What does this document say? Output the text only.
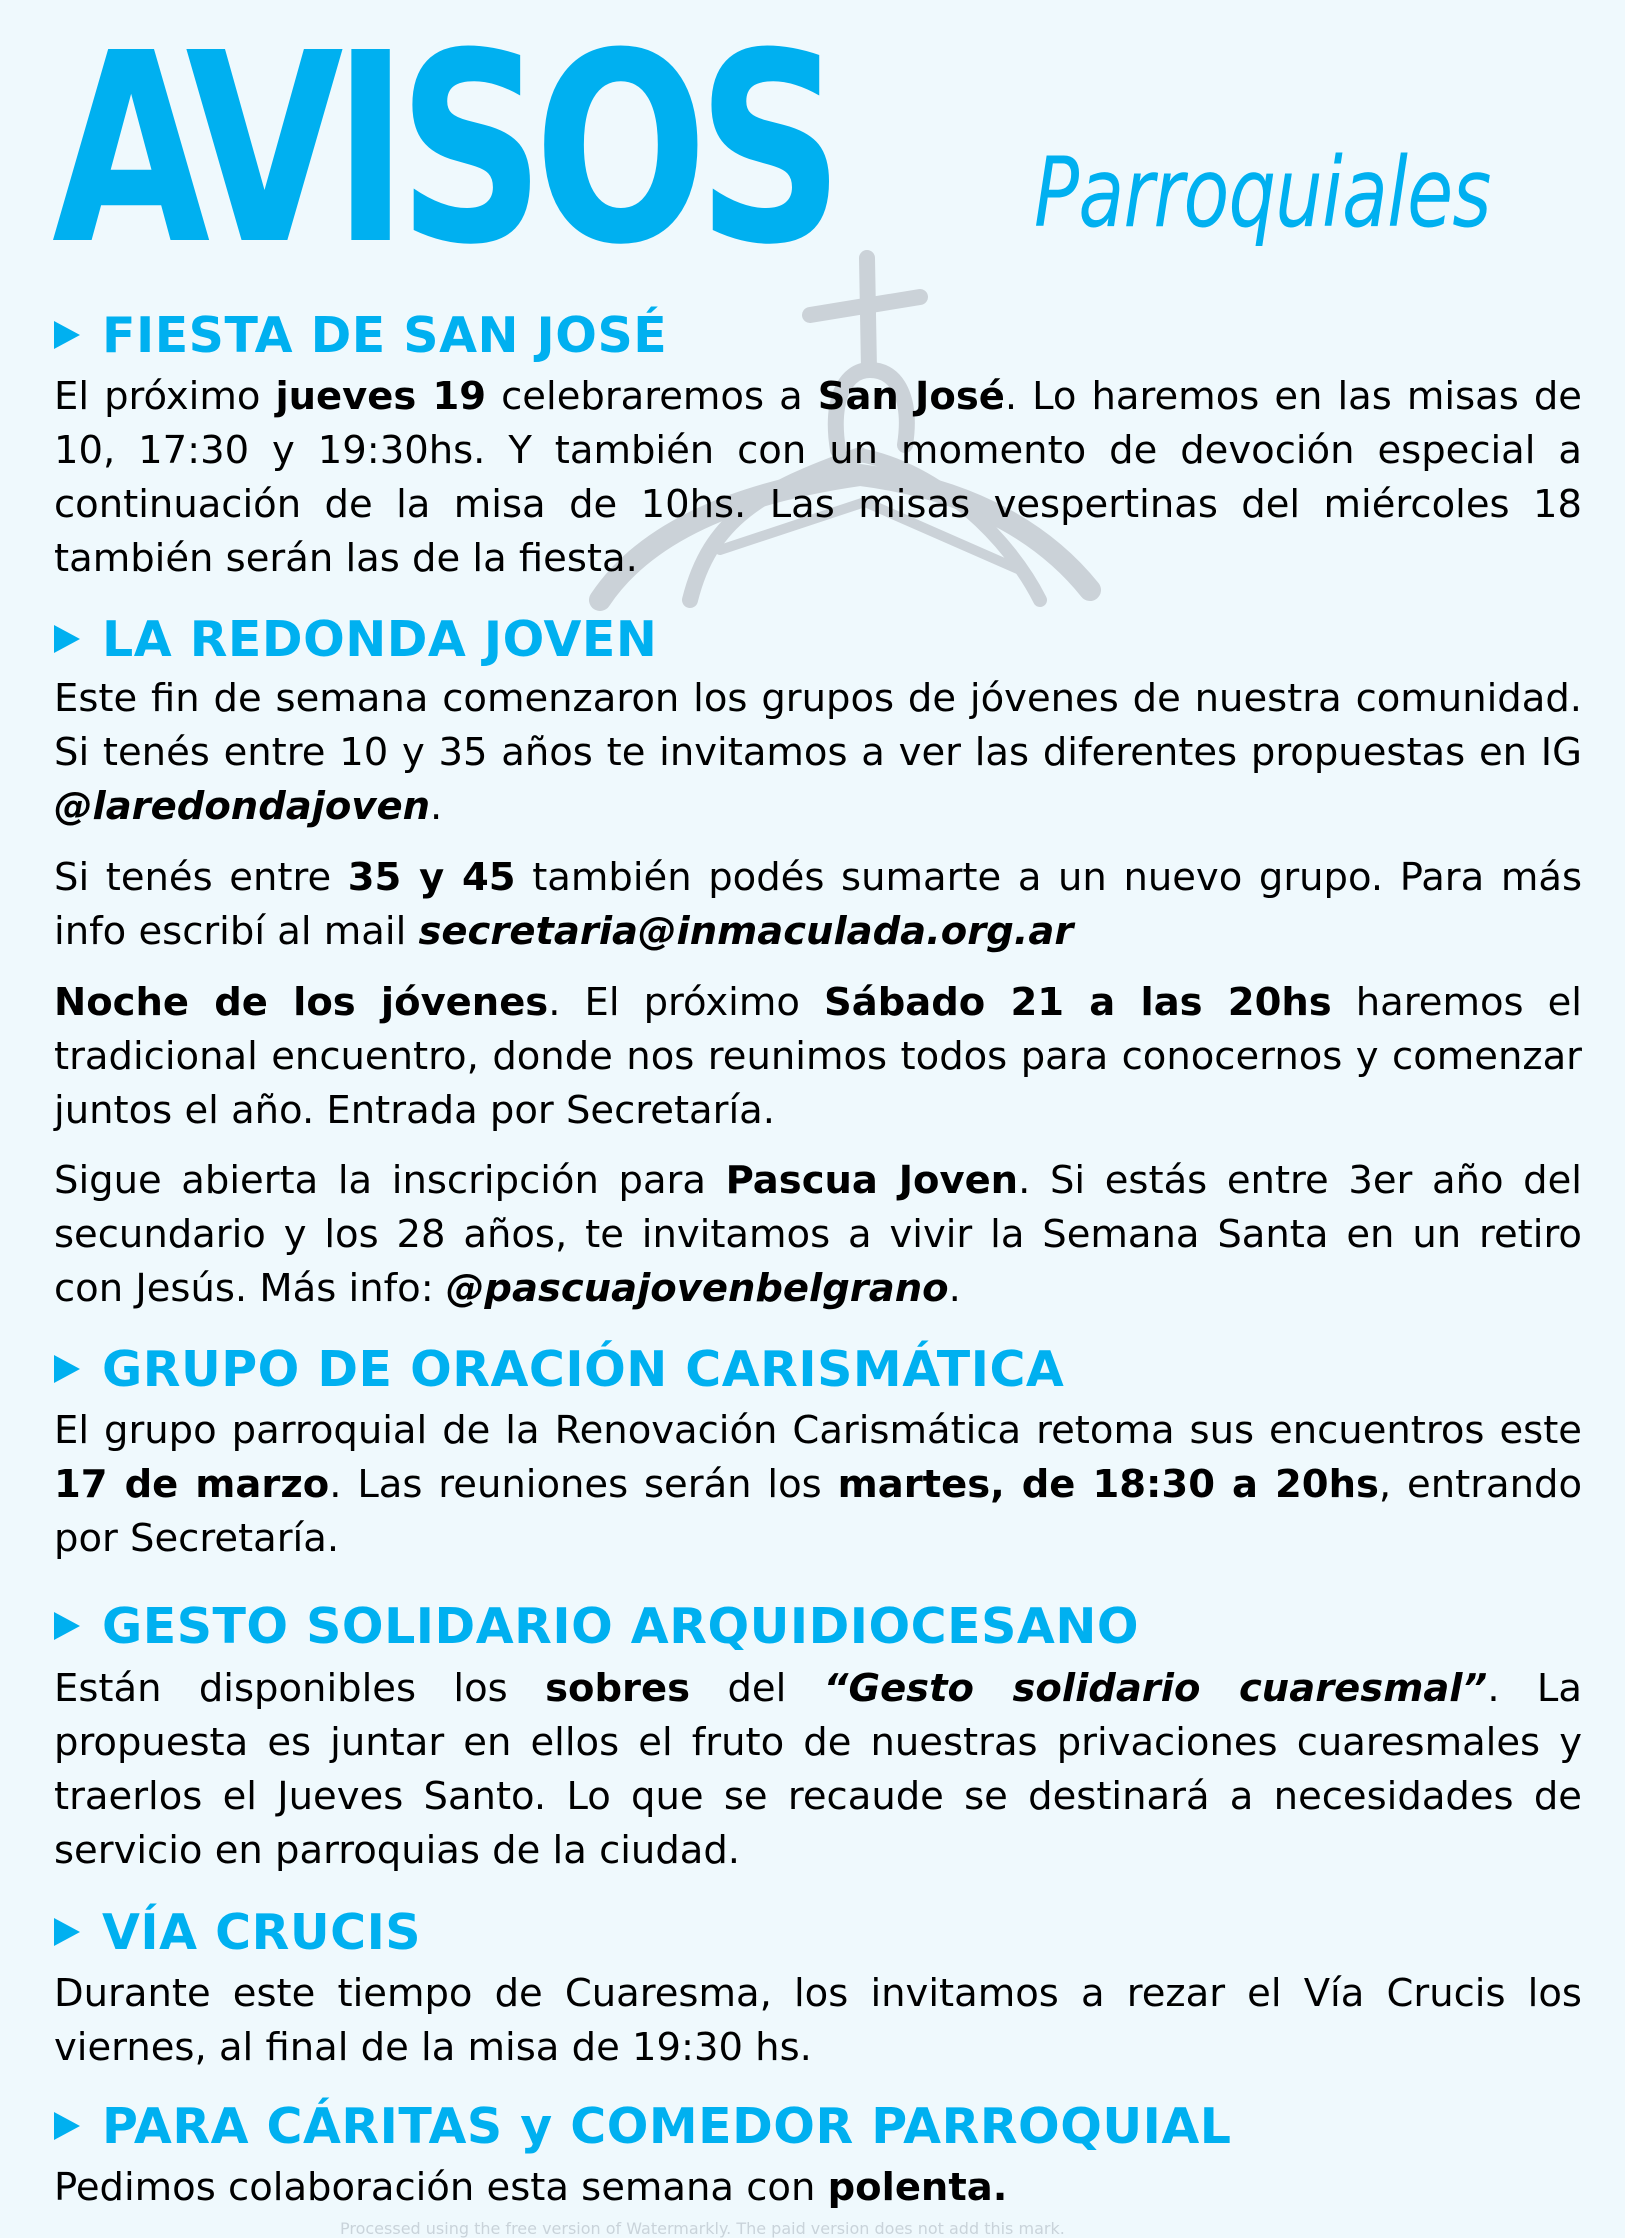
AVISOS Parroquiales
FIESTA DE SAN JOSÉ
El próximo jueves 19 celebraremos a San José. Lo haremos en las misas de 10, 17:30 y 19:30hs. Y también con un momento de devoción especial a continuación de la misa de 10hs. Las misas vespertinas del miércoles 18 también serán las de la fiesta.
LA REDONDA JOVEN
Este fin de semana comenzaron los grupos de jóvenes de nuestra comunidad. Si tenés entre 10 y 35 años te invitamos a ver las diferentes propuestas en IG @laredondajoven.
Si tenés entre 35 y 45 también podés sumarte a un nuevo grupo. Para más info escribí al mail secretaria@inmaculada.org.ar
Noche de los jóvenes. El próximo Sábado 21 a las 20hs haremos el tradicional encuentro, donde nos reunimos todos para conocernos y comenzar juntos el año. Entrada por Secretaría.
Sigue abierta la inscripción para Pascua Joven. Si estás entre 3er año del secundario y los 28 años, te invitamos a vivir la Semana Santa en un retiro con Jesús. Más info: @pascuajovenbelgrano.
GRUPO DE ORACIÓN CARISMÁTICA
El grupo parroquial de la Renovación Carismática retoma sus encuentros este 17 de marzo. Las reuniones serán los martes, de 18:30 a 20hs, entrando por Secretaría.
GESTO SOLIDARIO ARQUIDIOCESANO
Están disponibles los sobres del “Gesto solidario cuaresmal”. La propuesta es juntar en ellos el fruto de nuestras privaciones cuaresmales y traerlos el Jueves Santo. Lo que se recaude se destinará a necesidades de servicio en parroquias de la ciudad.
VÍA CRUCIS
Durante este tiempo de Cuaresma, los invitamos a rezar el Vía Crucis los viernes, al final de la misa de 19:30 hs.
PARA CÁRITAS y COMEDOR PARROQUIAL
Pedimos colaboración esta semana con polenta.
Processed using the free version of Watermarkly. The paid version does not add this mark.
